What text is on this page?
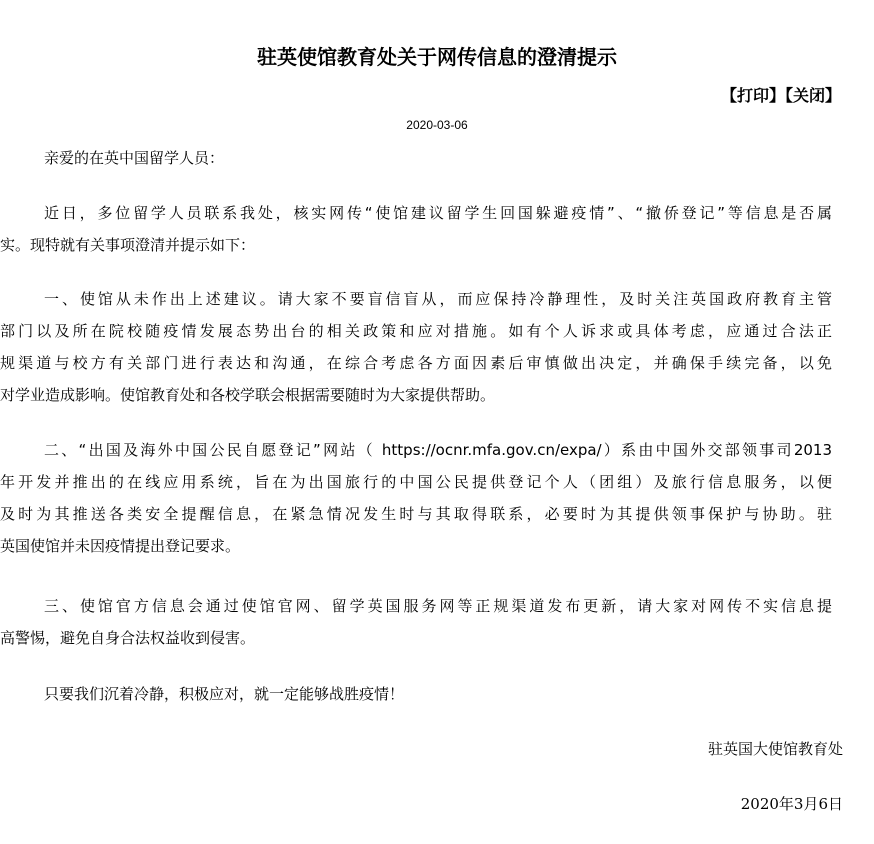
驻英使馆教育处关于网传信息的澄清提示
【打印】【关闭】
2020-03-06
亲爱的在英中国留学人员：
近日，多位留学人员联系我处，核实网传“使馆建议留学生回国躲避疫情”、“撤侨登记”等信息是否属
实。现特就有关事项澄清并提示如下：
一、使馆从未作出上述建议。请大家不要盲信盲从，而应保持冷静理性，及时关注英国政府教育主管
部门以及所在院校随疫情发展态势出台的相关政策和应对措施。如有个人诉求或具体考虑，应通过合法正
规渠道与校方有关部门进行表达和沟通，在综合考虑各方面因素后审慎做出决定，并确保手续完备，以免
对学业造成影响。使馆教育处和各校学联会根据需要随时为大家提供帮助。
二、“出国及海外中国公民自愿登记”网站（ https://ocnr.mfa.gov.cn/expa/）系由中国外交部领事司2013
年开发并推出的在线应用系统，旨在为出国旅行的中国公民提供登记个人（团组）及旅行信息服务，以便
及时为其推送各类安全提醒信息，在紧急情况发生时与其取得联系，必要时为其提供领事保护与协助。驻
英国使馆并未因疫情提出登记要求。
三、使馆官方信息会通过使馆官网、留学英国服务网等正规渠道发布更新，请大家对网传不实信息提
高警惕，避免自身合法权益收到侵害。
只要我们沉着冷静，积极应对，就一定能够战胜疫情！
驻英国大使馆教育处
2020年3月6日
